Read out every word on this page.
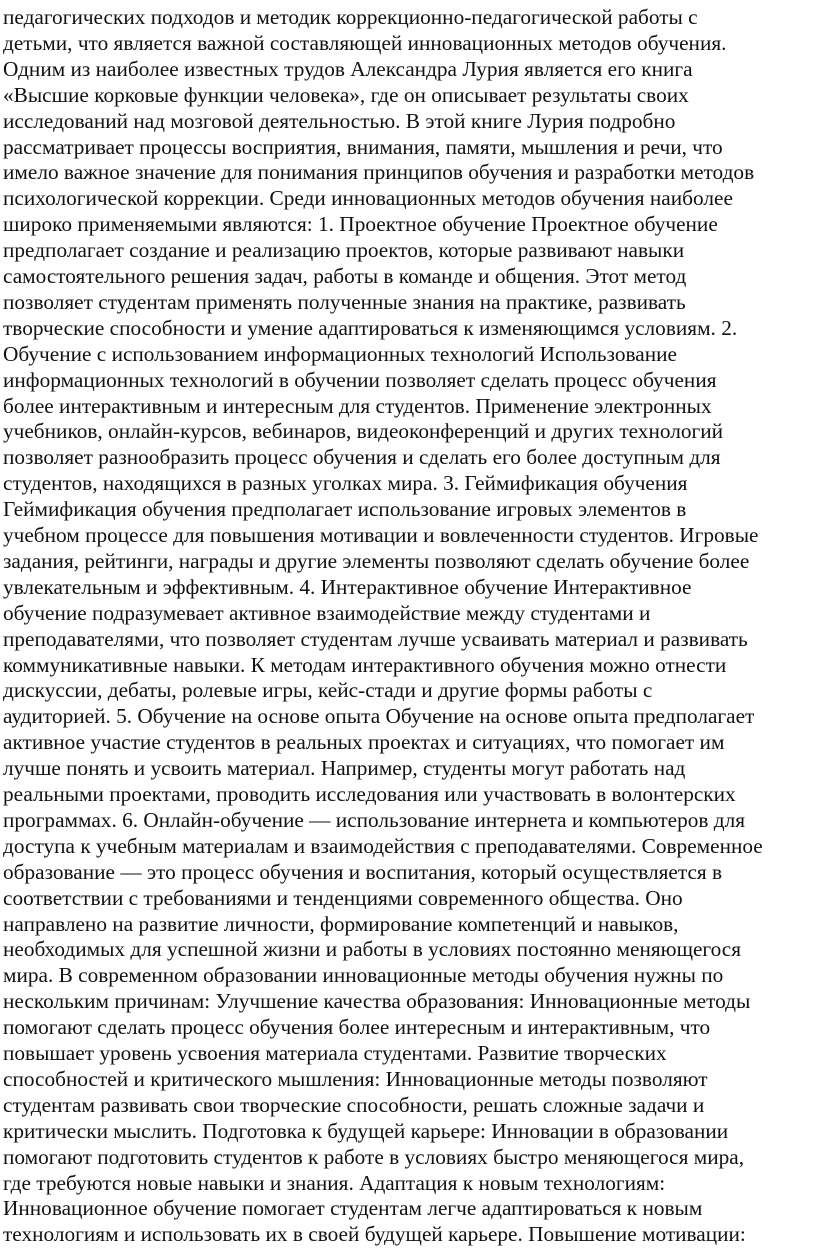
педагогических подходов и методик коррекционно-педагогической работы с
детьми, что является важной составляющей инновационных методов обучения.
Одним из наиболее известных трудов Александра Лурия является его книга
«Высшие корковые функции человека», где он описывает результаты своих
исследований над мозговой деятельностью. В этой книге Лурия подробно
рассматривает процессы восприятия, внимания, памяти, мышления и речи, что
имело важное значение для понимания принципов обучения и разработки методов
психологической коррекции. Среди инновационных методов обучения наиболее
широко применяемыми являются: 1. Проектное обучение Проектное обучение
предполагает создание и реализацию проектов, которые развивают навыки
самостоятельного решения задач, работы в команде и общения. Этот метод
позволяет студентам применять полученные знания на практике, развивать
творческие способности и умение адаптироваться к изменяющимся условиям. 2.
Обучение с использованием информационных технологий Использование
информационных технологий в обучении позволяет сделать процесс обучения
более интерактивным и интересным для студентов. Применение электронных
учебников, онлайн-курсов, вебинаров, видеоконференций и других технологий
позволяет разнообразить процесс обучения и сделать его более доступным для
студентов, находящихся в разных уголках мира. 3. Геймификация обучения
Геймификация обучения предполагает использование игровых элементов в
учебном процессе для повышения мотивации и вовлеченности студентов. Игровые
задания, рейтинги, награды и другие элементы позволяют сделать обучение более
увлекательным и эффективным. 4. Интерактивное обучение Интерактивное
обучение подразумевает активное взаимодействие между студентами и
преподавателями, что позволяет студентам лучше усваивать материал и развивать
коммуникативные навыки. К методам интерактивного обучения можно отнести
дискуссии, дебаты, ролевые игры, кейс-стади и другие формы работы с
аудиторией. 5. Обучение на основе опыта Обучение на основе опыта предполагает
активное участие студентов в реальных проектах и ситуациях, что помогает им
лучше понять и усвоить материал. Например, студенты могут работать над
реальными проектами, проводить исследования или участвовать в волонтерских
программах. 6. Онлайн-обучение — использование интернета и компьютеров для
доступа к учебным материалам и взаимодействия с преподавателями. Современное
образование — это процесс обучения и воспитания, который осуществляется в
соответствии с требованиями и тенденциями современного общества. Оно
направлено на развитие личности, формирование компетенций и навыков,
необходимых для успешной жизни и работы в условиях постоянно меняющегося
мира. В современном образовании инновационные методы обучения нужны по
нескольким причинам: Улучшение качества образования: Инновационные методы
помогают сделать процесс обучения более интересным и интерактивным, что
повышает уровень усвоения материала студентами. Развитие творческих
способностей и критического мышления: Инновационные методы позволяют
студентам развивать свои творческие способности, решать сложные задачи и
критически мыслить. Подготовка к будущей карьере: Инновации в образовании
помогают подготовить студентов к работе в условиях быстро меняющегося мира,
где требуются новые навыки и знания. Адаптация к новым технологиям:
Инновационное обучение помогает студентам легче адаптироваться к новым
технологиям и использовать их в своей будущей карьере. Повышение мотивации:
